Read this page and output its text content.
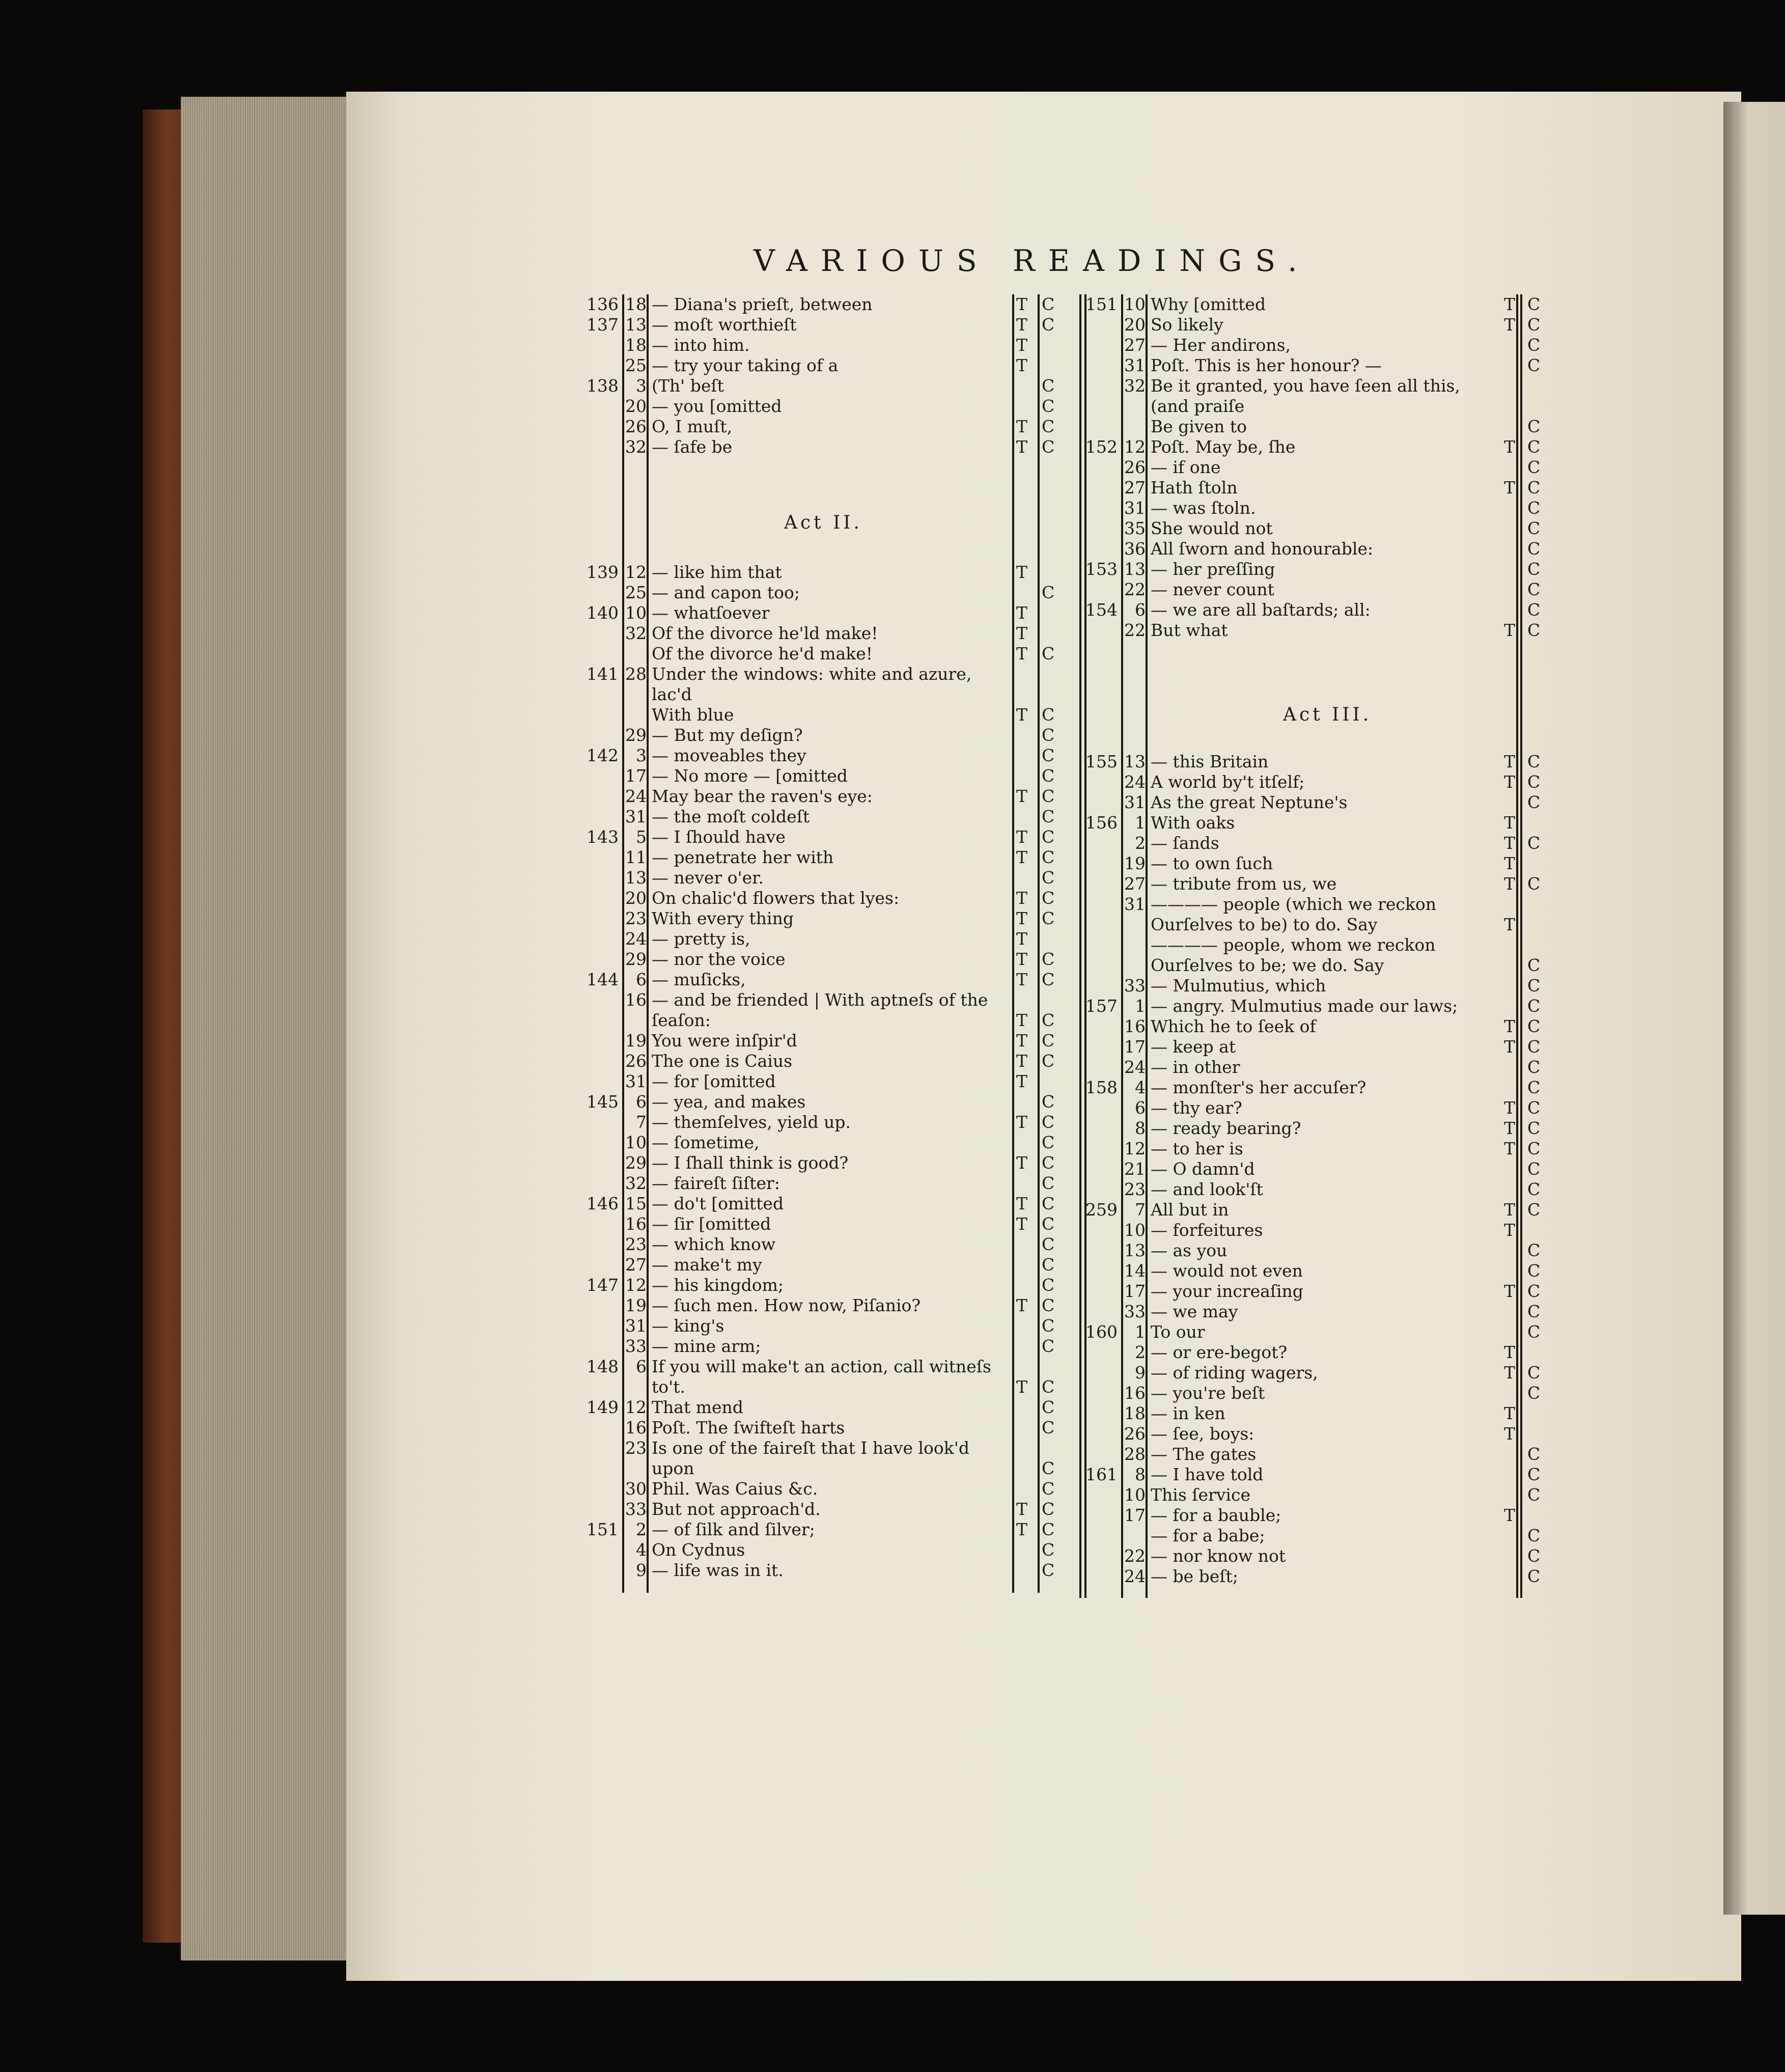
VARIOUS READINGS.
Act II.
136 18 — Diana's prieſt, between	T C
137 13 — moſt worthieſt	T C
18 — into him.	T
25 — try your taking of a	T
138	3 (Th' beſt	C
20 — you [omitted	C
26 O, I muſt,	T C
32 — ſafe be	T C
139 12 — like him that	T
25 — and capon too;	C
140 10 — whatſoever	T
32 Of the divorce he'ld make!	T
Of the divorce he'd make!	T C
141 28 Under the windows: white and azure,
lac'd
With blue	T C
29 — But my deſign?	C
142	3 — moveables they	C
17 — No more — [omitted	C
24 May bear the raven's eye:	T C
31 — the moſt coldeſt	C
143	5 — I ſhould have	T C
11 — penetrate her with	T C
13 — never o'er.	C
20 On chalic'd flowers that lyes:	T C
23 With every thing	T C
24 — pretty is,	T
29 — nor the voice	T C
144	6 — muſicks,	T C
16 — and be friended | With aptneſs of the
ſeaſon:	T C
19 You were inſpir'd	T C
26 The one is Caius	T C
31 — for [omitted	T
145	6 — yea, and makes	C
7 — themſelves, yield up.	T C
10 — ſometime,	C
29 — I ſhall think is good?	T C
32 — faireſt ſiſter:	C
146 15 — do't [omitted	T C
16 — ſir [omitted	T C
23 — which know	C
27 — make't my	C
147 12 — his kingdom;	C
19 — ſuch men. How now, Piſanio?	T C
31 — king's	C
33 — mine arm;	C
148	6 If you will make't an action, call witneſs
to't.	T C
149 12 That mend	C
16 Poſt. The ſwifteſt harts	C
23 Is one of the faireſt that I have look'd
upon	C
30 Phil. Was Caius &c.	C
33 But not approach'd.	T C
151	2 — of ſilk and ſilver;	T C
4 On Cydnus	C
9 — life was in it.	C
Act III.
151 10 Why [omitted	T C
20 So likely	T C
27 — Her andirons,	C
31 Poſt. This is her honour? —	C
32 Be it granted, you have ſeen all this,
(and praiſe
Be given to	C
152 12 Poſt. May be, ſhe	T C
26 — if one	C
27 Hath ſtoln	T C
31 — was ſtoln.	C
35 She would not	C
36 All ſworn and honourable:	C
153 13 — her preſſing	C
22 — never count	C
154	6 — we are all baſtards; all:	C
22 But what	T C
155 13 — this Britain	T C
24 A world by't itſelf;	T C
31 As the great Neptune's	C
156	1 With oaks	T
2 — ſands	T C
19 — to own ſuch	T
27 — tribute from us, we	T C
31 ———— people (which we reckon
Ourſelves to be) to do. Say	T
———— people, whom we reckon
Ourſelves to be; we do. Say	C
33 — Mulmutius, which	C
157	1 — angry. Mulmutius made our laws;	C
16 Which he to ſeek of	T C
17 — keep at	T C
24 — in other	C
158	4 — monſter's her accuſer?	C
6 — thy ear?	T C
8 — ready bearing?	T C
12 — to her is	T C
21 — O damn'd	C
23 — and look'ſt	C
259	7 All but in	T C
10 — forfeitures	T
13 — as you	C
14 — would not even	C
17 — your increaſing	T C
33 — we may	C
160	1 To our	C
2 — or ere-begot?	T
9 — of riding wagers,	T C
16 — you're beſt	C
18 — in ken	T
26 — ſee, boys:	T
28 — The gates	C
161	8 — I have told	C
10 This ſervice	C
17 — for a bauble;	T
— for a babe;	C
22 — nor know not	C
24 — be beſt;	C
